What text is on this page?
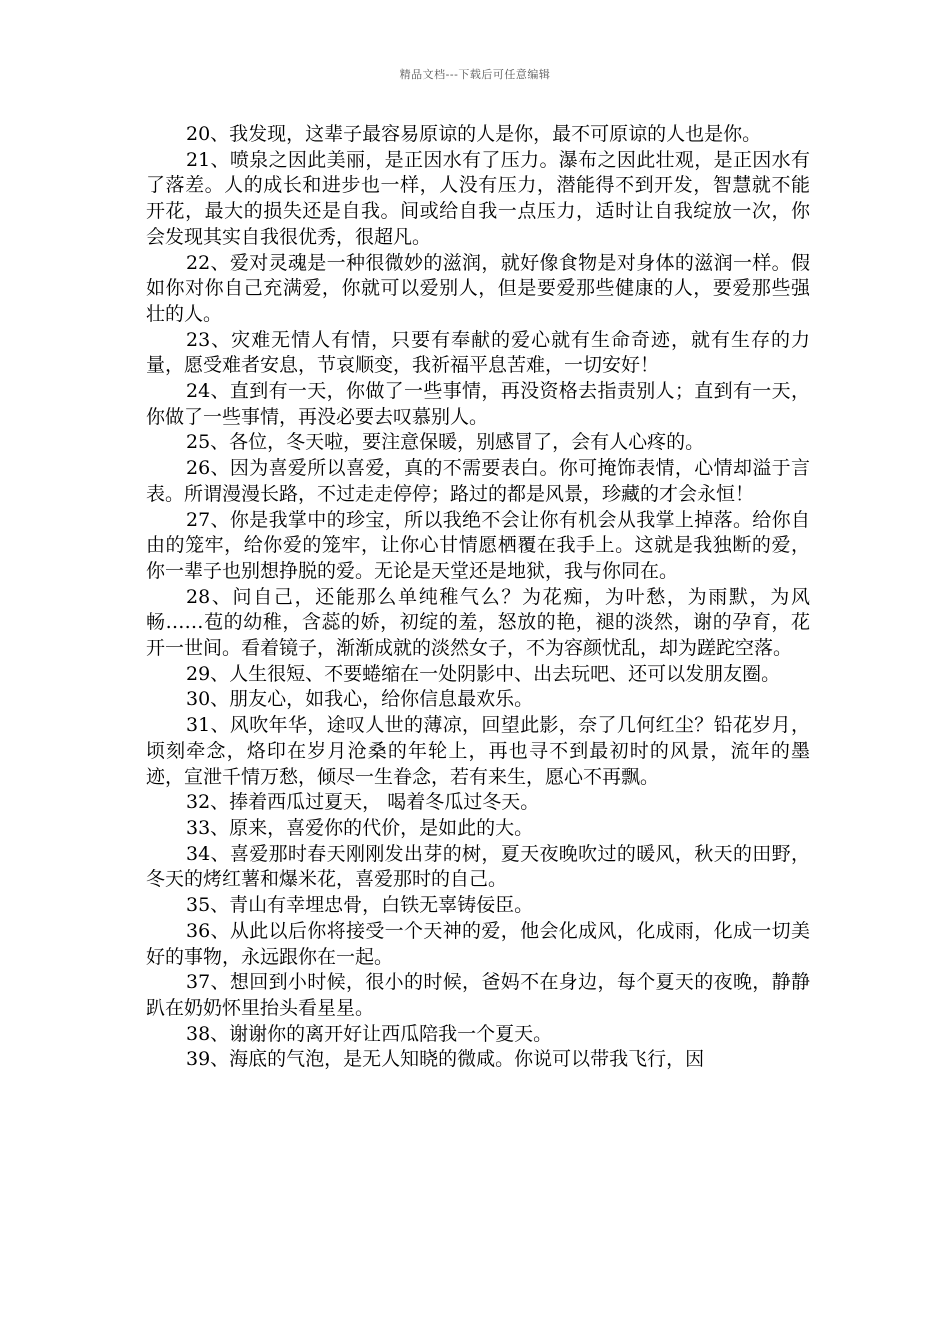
精品文档---下载后可任意编辑

20、我发现，这辈子最容易原谅的人是你，最不可原谅的人也是你。

21、喷泉之因此美丽，是正因水有了压力。瀑布之因此壮观，是正因水有了落差。人的成长和进步也一样，人没有压力，潜能得不到开发，智慧就不能开花，最大的损失还是自我。间或给自我一点压力，适时让自我绽放一次，你会发现其实自我很优秀，很超凡。

22、爱对灵魂是一种很微妙的滋润，就好像食物是对身体的滋润一样。假如你对你自己充满爱，你就可以爱别人，但是要爱那些健康的人，要爱那些强壮的人。

23、灾难无情人有情，只要有奉献的爱心就有生命奇迹，就有生存的力量，愿受难者安息，节哀顺变，我祈福平息苦难，一切安好！

24、直到有一天，你做了一些事情，再没资格去指责别人；直到有一天，你做了一些事情，再没必要去叹慕别人。

25、各位，冬天啦，要注意保暖，别感冒了，会有人心疼的。

26、因为喜爱所以喜爱，真的不需要表白。你可掩饰表情，心情却溢于言表。所谓漫漫长路，不过走走停停；路过的都是风景，珍藏的才会永恒！

27、你是我掌中的珍宝，所以我绝不会让你有机会从我掌上掉落。给你自由的笼牢，给你爱的笼牢，让你心甘情愿栖覆在我手上。这就是我独断的爱，你一辈子也别想挣脱的爱。无论是天堂还是地狱，我与你同在。

28、问自己，还能那么单纯稚气么？为花痴，为叶愁，为雨默，为风畅……苞的幼稚，含蕊的娇，初绽的羞，怒放的艳，褪的淡然，谢的孕育，花开一世间。看着镜子，渐渐成就的淡然女子，不为容颜忧乱，却为蹉跎空落。

29、人生很短、不要蜷缩在一处阴影中、出去玩吧、还可以发朋友圈。

30、朋友心，如我心，给你信息最欢乐。

31、风吹年华，途叹人世的薄凉，回望此影，奈了几何红尘？铅花岁月，顷刻牵念，烙印在岁月沧桑的年轮上，再也寻不到最初时的风景，流年的墨迹，宣泄千情万愁，倾尽一生眷念，若有来生，愿心不再飘。

32、捧着西瓜过夏天， 喝着冬瓜过冬天。

33、原来，喜爱你的代价，是如此的大。

34、喜爱那时春天刚刚发出芽的树，夏天夜晚吹过的暖风，秋天的田野，冬天的烤红薯和爆米花，喜爱那时的自己。

35、青山有幸埋忠骨，白铁无辜铸佞臣。

36、从此以后你将接受一个天神的爱，他会化成风，化成雨，化成一切美好的事物，永远跟你在一起。

37、想回到小时候，很小的时候，爸妈不在身边，每个夏天的夜晚，静静趴在奶奶怀里抬头看星星。

38、谢谢你的离开好让西瓜陪我一个夏天。

39、海底的气泡，是无人知晓的微咸。你说可以带我飞行，因
